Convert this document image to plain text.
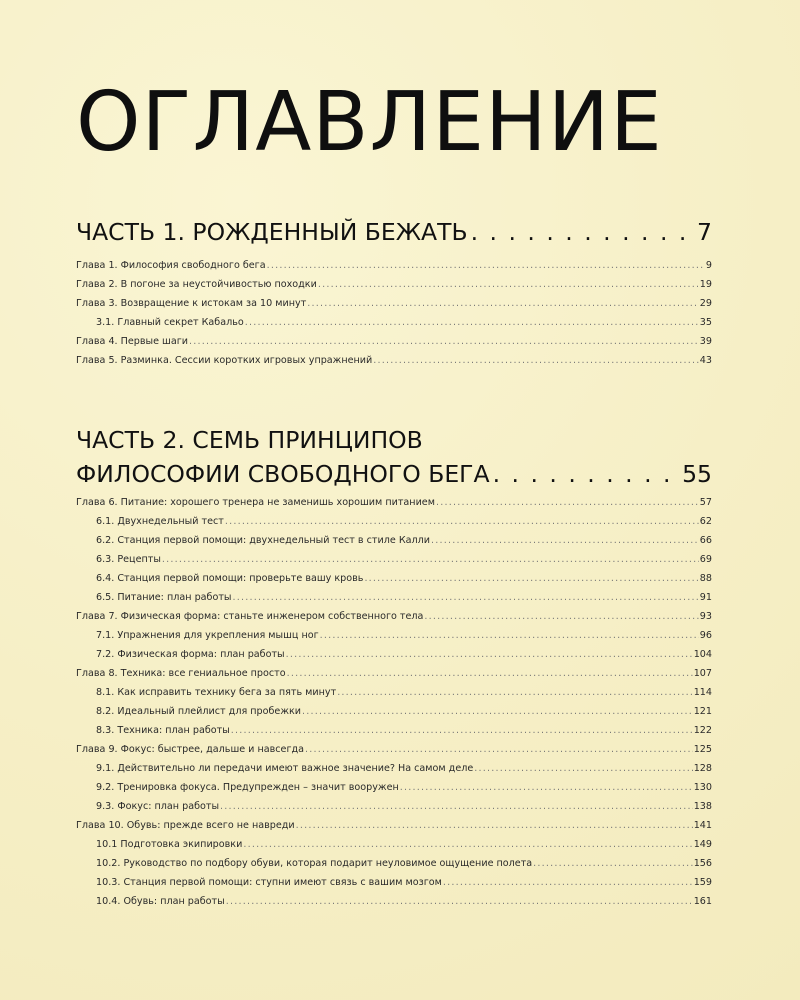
ОГЛАВЛЕНИЕ
ЧАСТЬ 1. РОЖДЕННЫЙ БЕЖАТЬ . . .	7
Глава 1. Философия свободного бега .....	9
Глава 2. В погоне за неустойчивостью походки .....	19
Глава 3. Возвращение к истокам за 10 минут .....	29
3.1. Главный секрет Кабальо .....	35
Глава 4. Первые шаги .....	39
Глава 5. Разминка. Сессии коротких игровых упражнений .....	43
ЧАСТЬ 2. СЕМЬ ПРИНЦИПОВ
ФИЛОСОФИИ СВОБОДНОГО БЕГА . . .	55
Глава 6. Питание: хорошего тренера не заменишь хорошим питанием .....	57
6.1. Двухнедельный тест .....	62
6.2. Станция первой помощи: двухнедельный тест в стиле Калли .....	66
6.3. Рецепты .....	69
6.4. Станция первой помощи: проверьте вашу кровь .....	88
6.5. Питание: план работы .....	91
Глава 7. Физическая форма: станьте инженером собственного тела .....	93
7.1. Упражнения для укрепления мышц ног .....	96
7.2. Физическая форма: план работы .....	104
Глава 8. Техника: все гениальное просто .....	107
8.1. Как исправить технику бега за пять минут .....	114
8.2. Идеальный плейлист для пробежки .....	121
8.3. Техника: план работы .....	122
Глава 9. Фокус: быстрее, дальше и навсегда .....	125
9.1. Действительно ли передачи имеют важное значение? На самом деле .....	128
9.2. Тренировка фокуса. Предупрежден – значит вооружен .....	130
9.3. Фокус: план работы .....	138
Глава 10. Обувь: прежде всего не навреди .....	141
10.1 Подготовка экипировки .....	149
10.2. Руководство по подбору обуви, которая подарит неуловимое ощущение полета .....	156
10.3. Станция первой помощи: ступни имеют связь с вашим мозгом .....	159
10.4. Обувь: план работы .....	161
